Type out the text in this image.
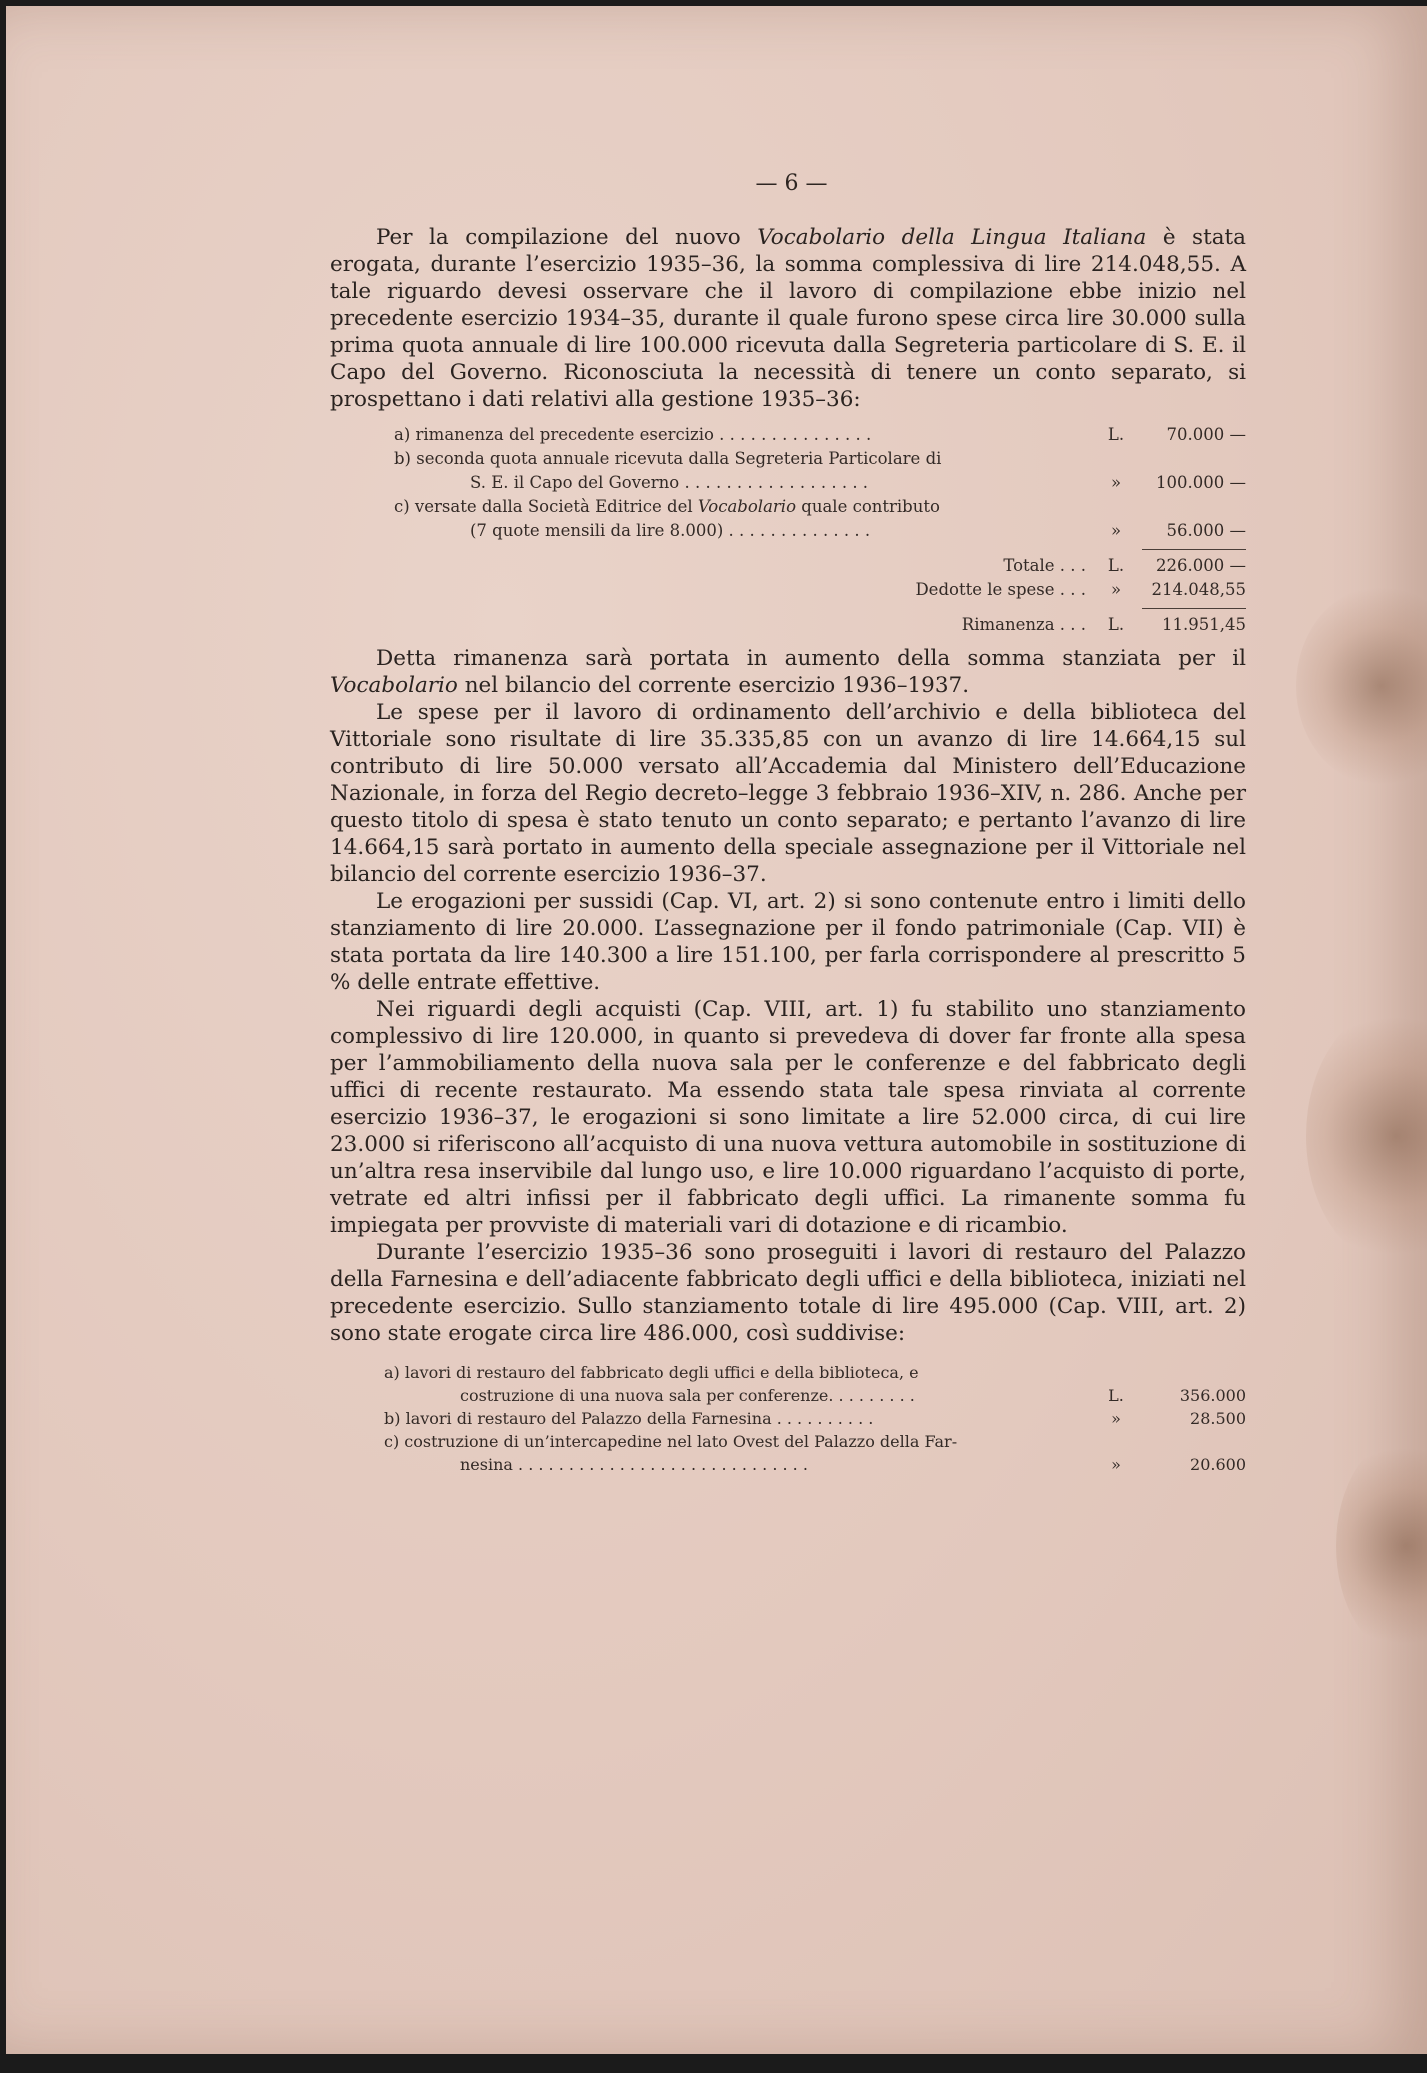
— 6 —

Per la compilazione del nuovo Vocabolario della Lingua Italiana è stata erogata, durante l’esercizio 1935–36, la somma complessiva di lire 214.048,55. A tale riguardo devesi osservare che il lavoro di compilazione ebbe inizio nel precedente esercizio 1934–35, durante il quale furono spese circa lire 30.000 sulla prima quota annuale di lire 100.000 ricevuta dalla Segreteria particolare di S. E. il Capo del Governo. Riconosciuta la necessità di tenere un conto separato, si prospettano i dati relativi alla gestione 1935–36:

a) rimanenza del precedente esercizio . . . . . . . . . . . . . . .	L.	70.000 —
b) seconda quota annuale ricevuta dalla Segreteria Particolare di
S. E. il Capo del Governo . . . . . . . . . . . . . . . . . .	»	100.000 —
c) versate dalla Società Editrice del Vocabolario quale contributo
(7 quote mensili da lire 8.000) . . . . . . . . . . . . . .	»	56.000 —
Totale . . .	L.	226.000 —
Dedotte le spese . . .	»	214.048,55
Rimanenza . . .	L.	11.951,45

Detta rimanenza sarà portata in aumento della somma stanziata per il Vocabolario nel bilancio del corrente esercizio 1936–1937.

Le spese per il lavoro di ordinamento dell’archivio e della biblioteca del Vittoriale sono risultate di lire 35.335,85 con un avanzo di lire 14.664,15 sul contributo di lire 50.000 versato all’Accademia dal Ministero dell’Educazione Nazionale, in forza del Regio decreto–legge 3 febbraio 1936–XIV, n. 286. Anche per questo titolo di spesa è stato tenuto un conto separato; e pertanto l’avanzo di lire 14.664,15 sarà portato in aumento della speciale assegnazione per il Vittoriale nel bilancio del corrente esercizio 1936–37.

Le erogazioni per sussidi (Cap. VI, art. 2) si sono contenute entro i limiti dello stanziamento di lire 20.000. L’assegnazione per il fondo patrimoniale (Cap. VII) è stata portata da lire 140.300 a lire 151.100, per farla corrispondere al prescritto 5 % delle entrate effettive.

Nei riguardi degli acquisti (Cap. VIII, art. 1) fu stabilito uno stanziamento complessivo di lire 120.000, in quanto si prevedeva di dover far fronte alla spesa per l’ammobiliamento della nuova sala per le conferenze e del fabbricato degli uffici di recente restaurato. Ma essendo stata tale spesa rinviata al corrente esercizio 1936–37, le erogazioni si sono limitate a lire 52.000 circa, di cui lire 23.000 si riferiscono all’acquisto di una nuova vettura automobile in sostituzione di un’altra resa inservibile dal lungo uso, e lire 10.000 riguardano l’acquisto di porte, vetrate ed altri infissi per il fabbricato degli uffici. La rimanente somma fu impiegata per provviste di materiali vari di dotazione e di ricambio.

Durante l’esercizio 1935–36 sono proseguiti i lavori di restauro del Palazzo della Farnesina e dell’adiacente fabbricato degli uffici e della biblioteca, iniziati nel precedente esercizio. Sullo stanziamento totale di lire 495.000 (Cap. VIII, art. 2) sono state erogate circa lire 486.000, così suddivise:

a) lavori di restauro del fabbricato degli uffici e della biblioteca, e
costruzione di una nuova sala per conferenze. . . . . . . . .	L.	356.000
b) lavori di restauro del Palazzo della Farnesina . . . . . . . . . .	»	28.500
c) costruzione di un’intercapedine nel lato Ovest del Palazzo della Far-
nesina . . . . . . . . . . . . . . . . . . . . . . . . . . . . .	»	20.600
